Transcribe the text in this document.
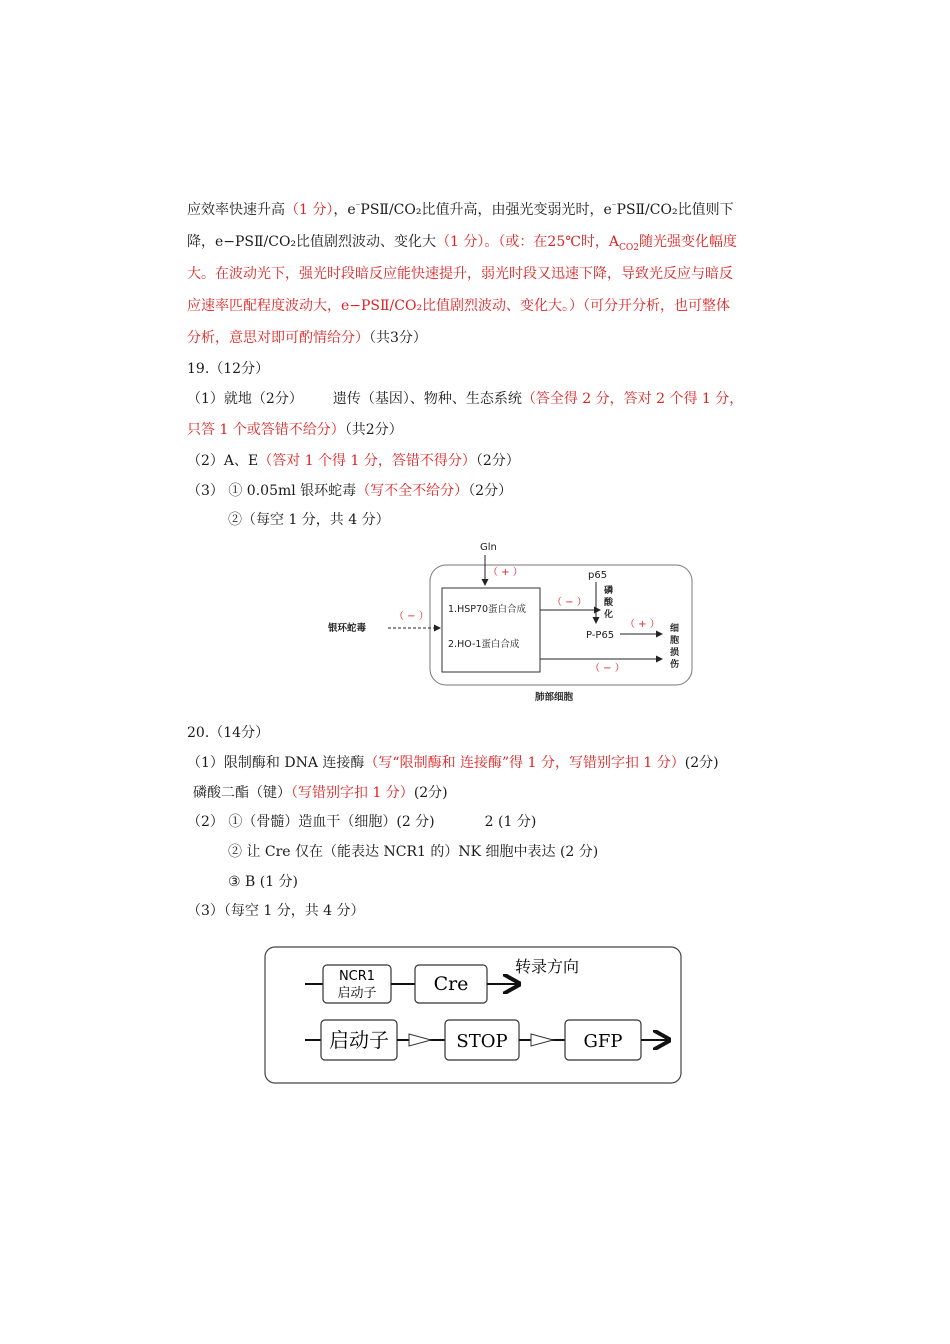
应效率快速升高（1 分），e⁻PSⅡ/CO₂比值升高，由强光变弱光时，e⁻PSⅡ/CO₂比值则下
降，e−PSⅡ/CO₂比值剧烈波动、变化大（1 分）。（或：在25℃时，$A_{CO2}$随光强变化幅度
大。在波动光下，强光时段暗反应能快速提升，弱光时段又迅速下降，导致光反应与暗反
应速率匹配程度波动大，e−PSⅡ/CO₂比值剧烈波动、变化大。）（可分开分析，也可整体
分析，意思对即可酌情给分）（共3分）
19.（12分）
（1）就地（2分） 遗传（基因）、物种、生态系统（答全得 2 分，答对 2 个得 1 分，
只答 1 个或答错不给分）（共2分）
（2）A、E（答对 1 个得 1 分，答错不得分）（2分）
（3） ① 0.05ml 银环蛇毒（写不全不给分）（2分）
②（每空 1 分，共 4 分）
Gln
（ + ）
1.HSP70蛋白合成
2.HO-1蛋白合成
银环蛇毒
（ − ）
（ − ）
p65
磷
酸
化
P-P65
（ + ）
（ − ）
细
胞
损
伤
肺部细胞
20.（14分）
（1）限制酶和 DNA 连接酶（写“限制酶和 连接酶”得 1 分，写错别字扣 1 分）(2分)
磷酸二酯（键）（写错别字扣 1 分）(2分)
（2） ①（骨髓）造血干（细胞）(2 分)	2 (1 分)
② 让 Cre 仅在（能表达 NCR1 的）NK 细胞中表达 (2 分)
③ B (1 分)
（3）（每空 1 分，共 4 分）
NCR1
启动子	Cre
转录方向
启动子	STOP	GFP
